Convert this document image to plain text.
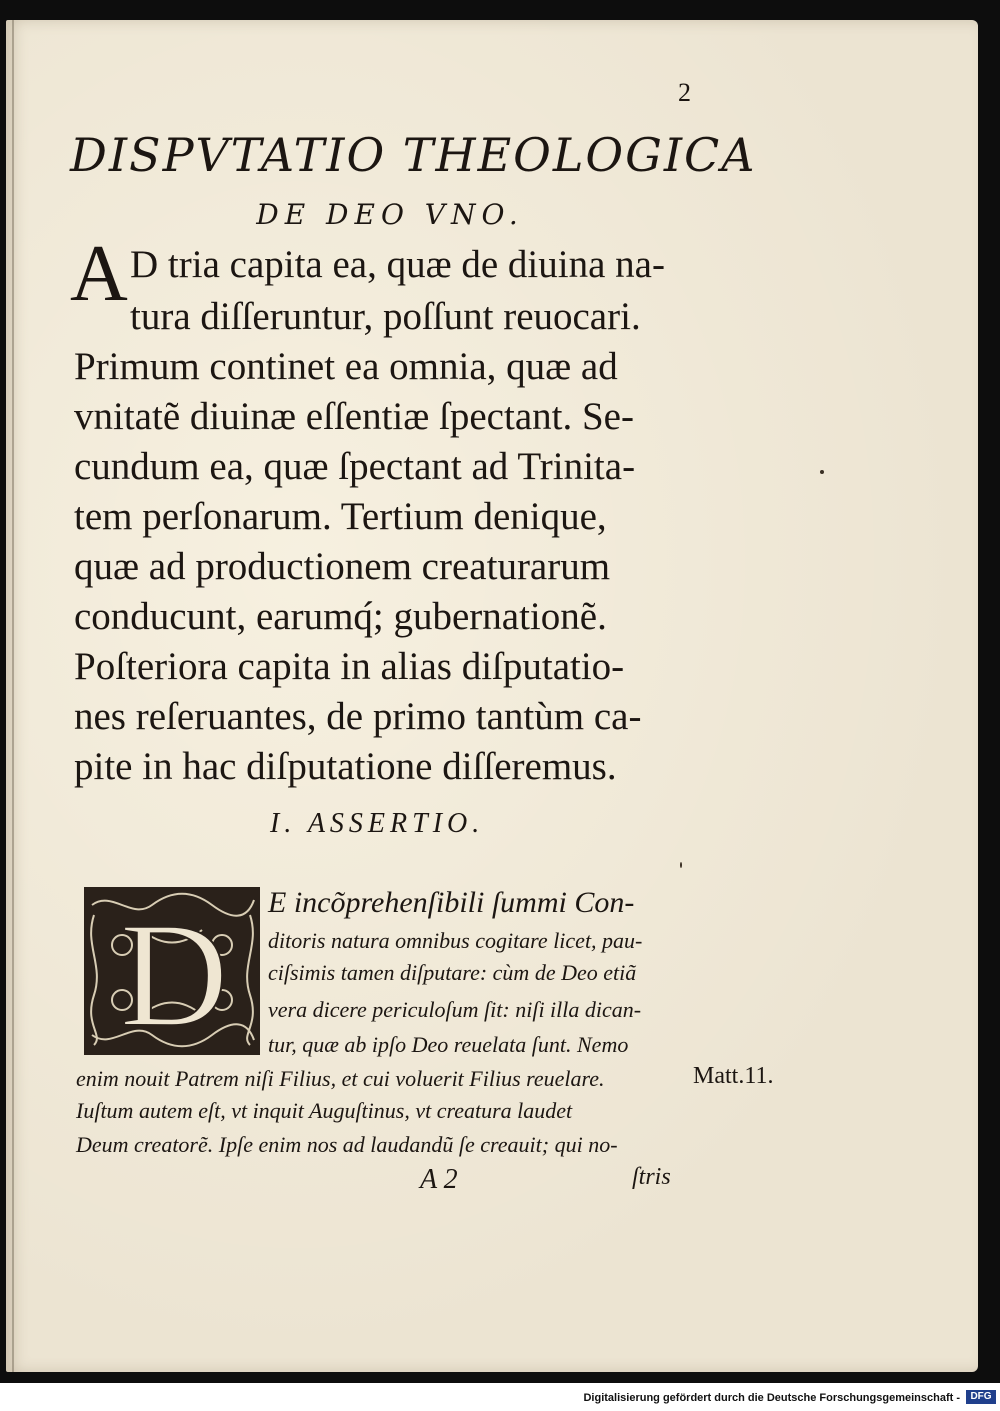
2
DISPVTATIO THEOLOGICA
DE DEO VNO.
A D tria capita ea, quæ de diuina na-
tura diſſeruntur, poſſunt reuocari.
Primum continet ea omnia, quæ ad
vnitatẽ diuinæ eſſentiæ ſpectant. Se-
cundum ea, quæ ſpectant ad Trinita-
tem perſonarum. Tertium denique,
quæ ad productionem creaturarum
conducunt, earumq́; gubernationẽ.
Poſteriora capita in alias diſputatio-
nes reſeruantes, de primo tantùm ca-
pite in hac diſputatione diſſeremus.
I. ASSERTIO.
D E incõprehenſibili ſummi Con-
ditoris natura omnibus cogitare licet, pau-
ciſsimis tamen diſputare: cùm de Deo etiã
vera dicere periculoſum ſit: niſi illa dican-
tur, quæ ab ipſo Deo reuelata ſunt. Nemo
enim nouit Patrem niſi Filius, et cui voluerit Filius reuelare.
Iuſtum autem eſt, vt inquit Auguſtinus, vt creatura laudet
Deum creatorẽ. Ipſe enim nos ad laudandũ ſe creauit; qui no-
Matt.11.
A 2	ſtris
Digitalisierung gefördert durch die Deutsche Forschungsgemeinschaft -	DFG
